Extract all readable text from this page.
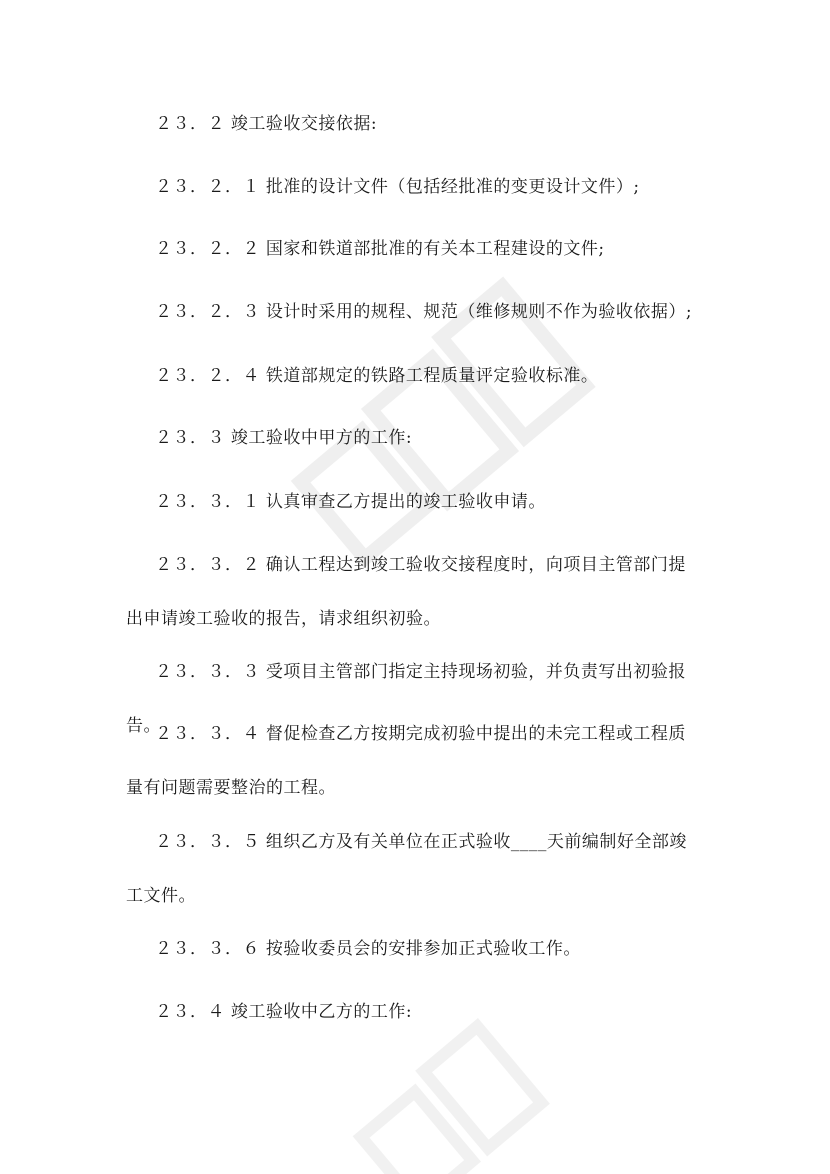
２３．２ 竣工验收交接依据:

２３．２．１ 批准的设计文件（包括经批准的变更设计文件）;

２３．２．２ 国家和铁道部批准的有关本工程建设的文件;

２３．２．３ 设计时采用的规程、规范（维修规则不作为验收依据）;

２３．２．４ 铁道部规定的铁路工程质量评定验收标准。

２３．３ 竣工验收中甲方的工作:

２３．３．１ 认真审查乙方提出的竣工验收申请。

２３．３．２ 确认工程达到竣工验收交接程度时，向项目主管部门提出申请竣工验收的报告，请求组织初验。

２３．３．３ 受项目主管部门指定主持现场初验，并负责写出初验报告。

２３．３．４ 督促检查乙方按期完成初验中提出的未完工程或工程质量有问题需要整治的工程。

２３．３．５ 组织乙方及有关单位在正式验收____天前编制好全部竣工文件。

２３．３．６ 按验收委员会的安排参加正式验收工作。

２３．４ 竣工验收中乙方的工作:
